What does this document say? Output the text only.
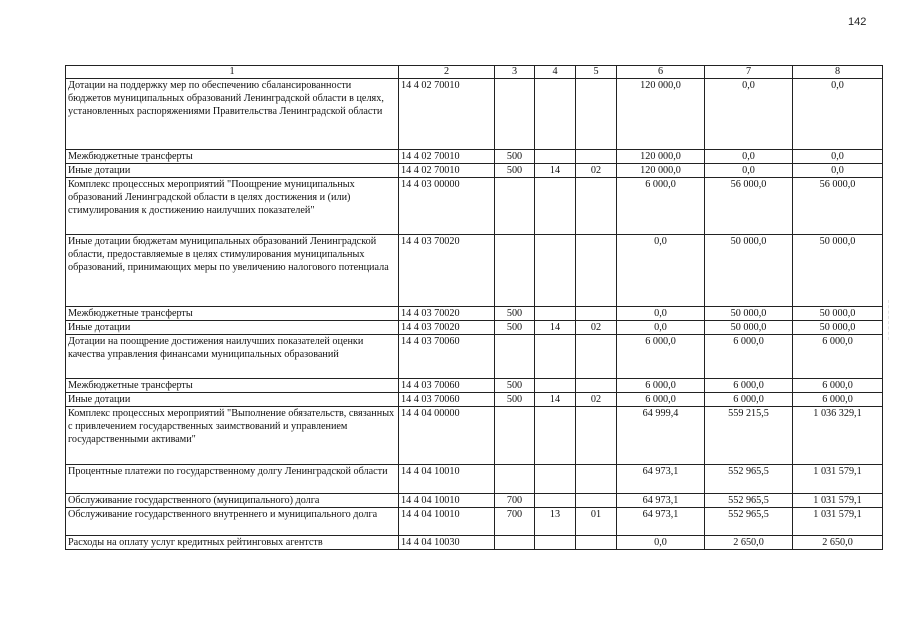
142
1	2	3	4	5	6	7	8
Дотации на поддержку мер по обеспечению сбалансированности бюджетов муниципальных образований Ленинградской области в целях, установленных распоряжениями Правительства Ленинградской области	14 4 02 70010				120 000,0	0,0	0,0
Межбюджетные трансферты	14 4 02 70010	500			120 000,0	0,0	0,0
Иные дотации	14 4 02 70010	500	14	02	120 000,0	0,0	0,0
Комплекс процессных мероприятий "Поощрение муниципальных образований Ленинградской области в целях достижения и (или) стимулирования к достижению наилучших показателей"	14 4 03 00000				6 000,0	56 000,0	56 000,0
Иные дотации бюджетам муниципальных образований Ленинградской области, предоставляемые в целях стимулирования муниципальных образований, принимающих меры по увеличению налогового потенциала	14 4 03 70020				0,0	50 000,0	50 000,0
Межбюджетные трансферты	14 4 03 70020	500			0,0	50 000,0	50 000,0
Иные дотации	14 4 03 70020	500	14	02	0,0	50 000,0	50 000,0
Дотации на поощрение достижения наилучших показателей оценки качества управления финансами муниципальных образований	14 4 03 70060				6 000,0	6 000,0	6 000,0
Межбюджетные трансферты	14 4 03 70060	500			6 000,0	6 000,0	6 000,0
Иные дотации	14 4 03 70060	500	14	02	6 000,0	6 000,0	6 000,0
Комплекс процессных мероприятий "Выполнение обязательств, связанных с привлечением государственных заимствований и управлением государственными активами"	14 4 04 00000				64 999,4	559 215,5	1 036 329,1
Процентные платежи по государственному долгу Ленинградской области	14 4 04 10010				64 973,1	552 965,5	1 031 579,1
Обслуживание государственного (муниципального) долга	14 4 04 10010	700			64 973,1	552 965,5	1 031 579,1
Обслуживание государственного внутреннего и муниципального долга	14 4 04 10010	700	13	01	64 973,1	552 965,5	1 031 579,1
Расходы на оплату услуг кредитных рейтинговых агентств	14 4 04 10030				0,0	2 650,0	2 650,0
